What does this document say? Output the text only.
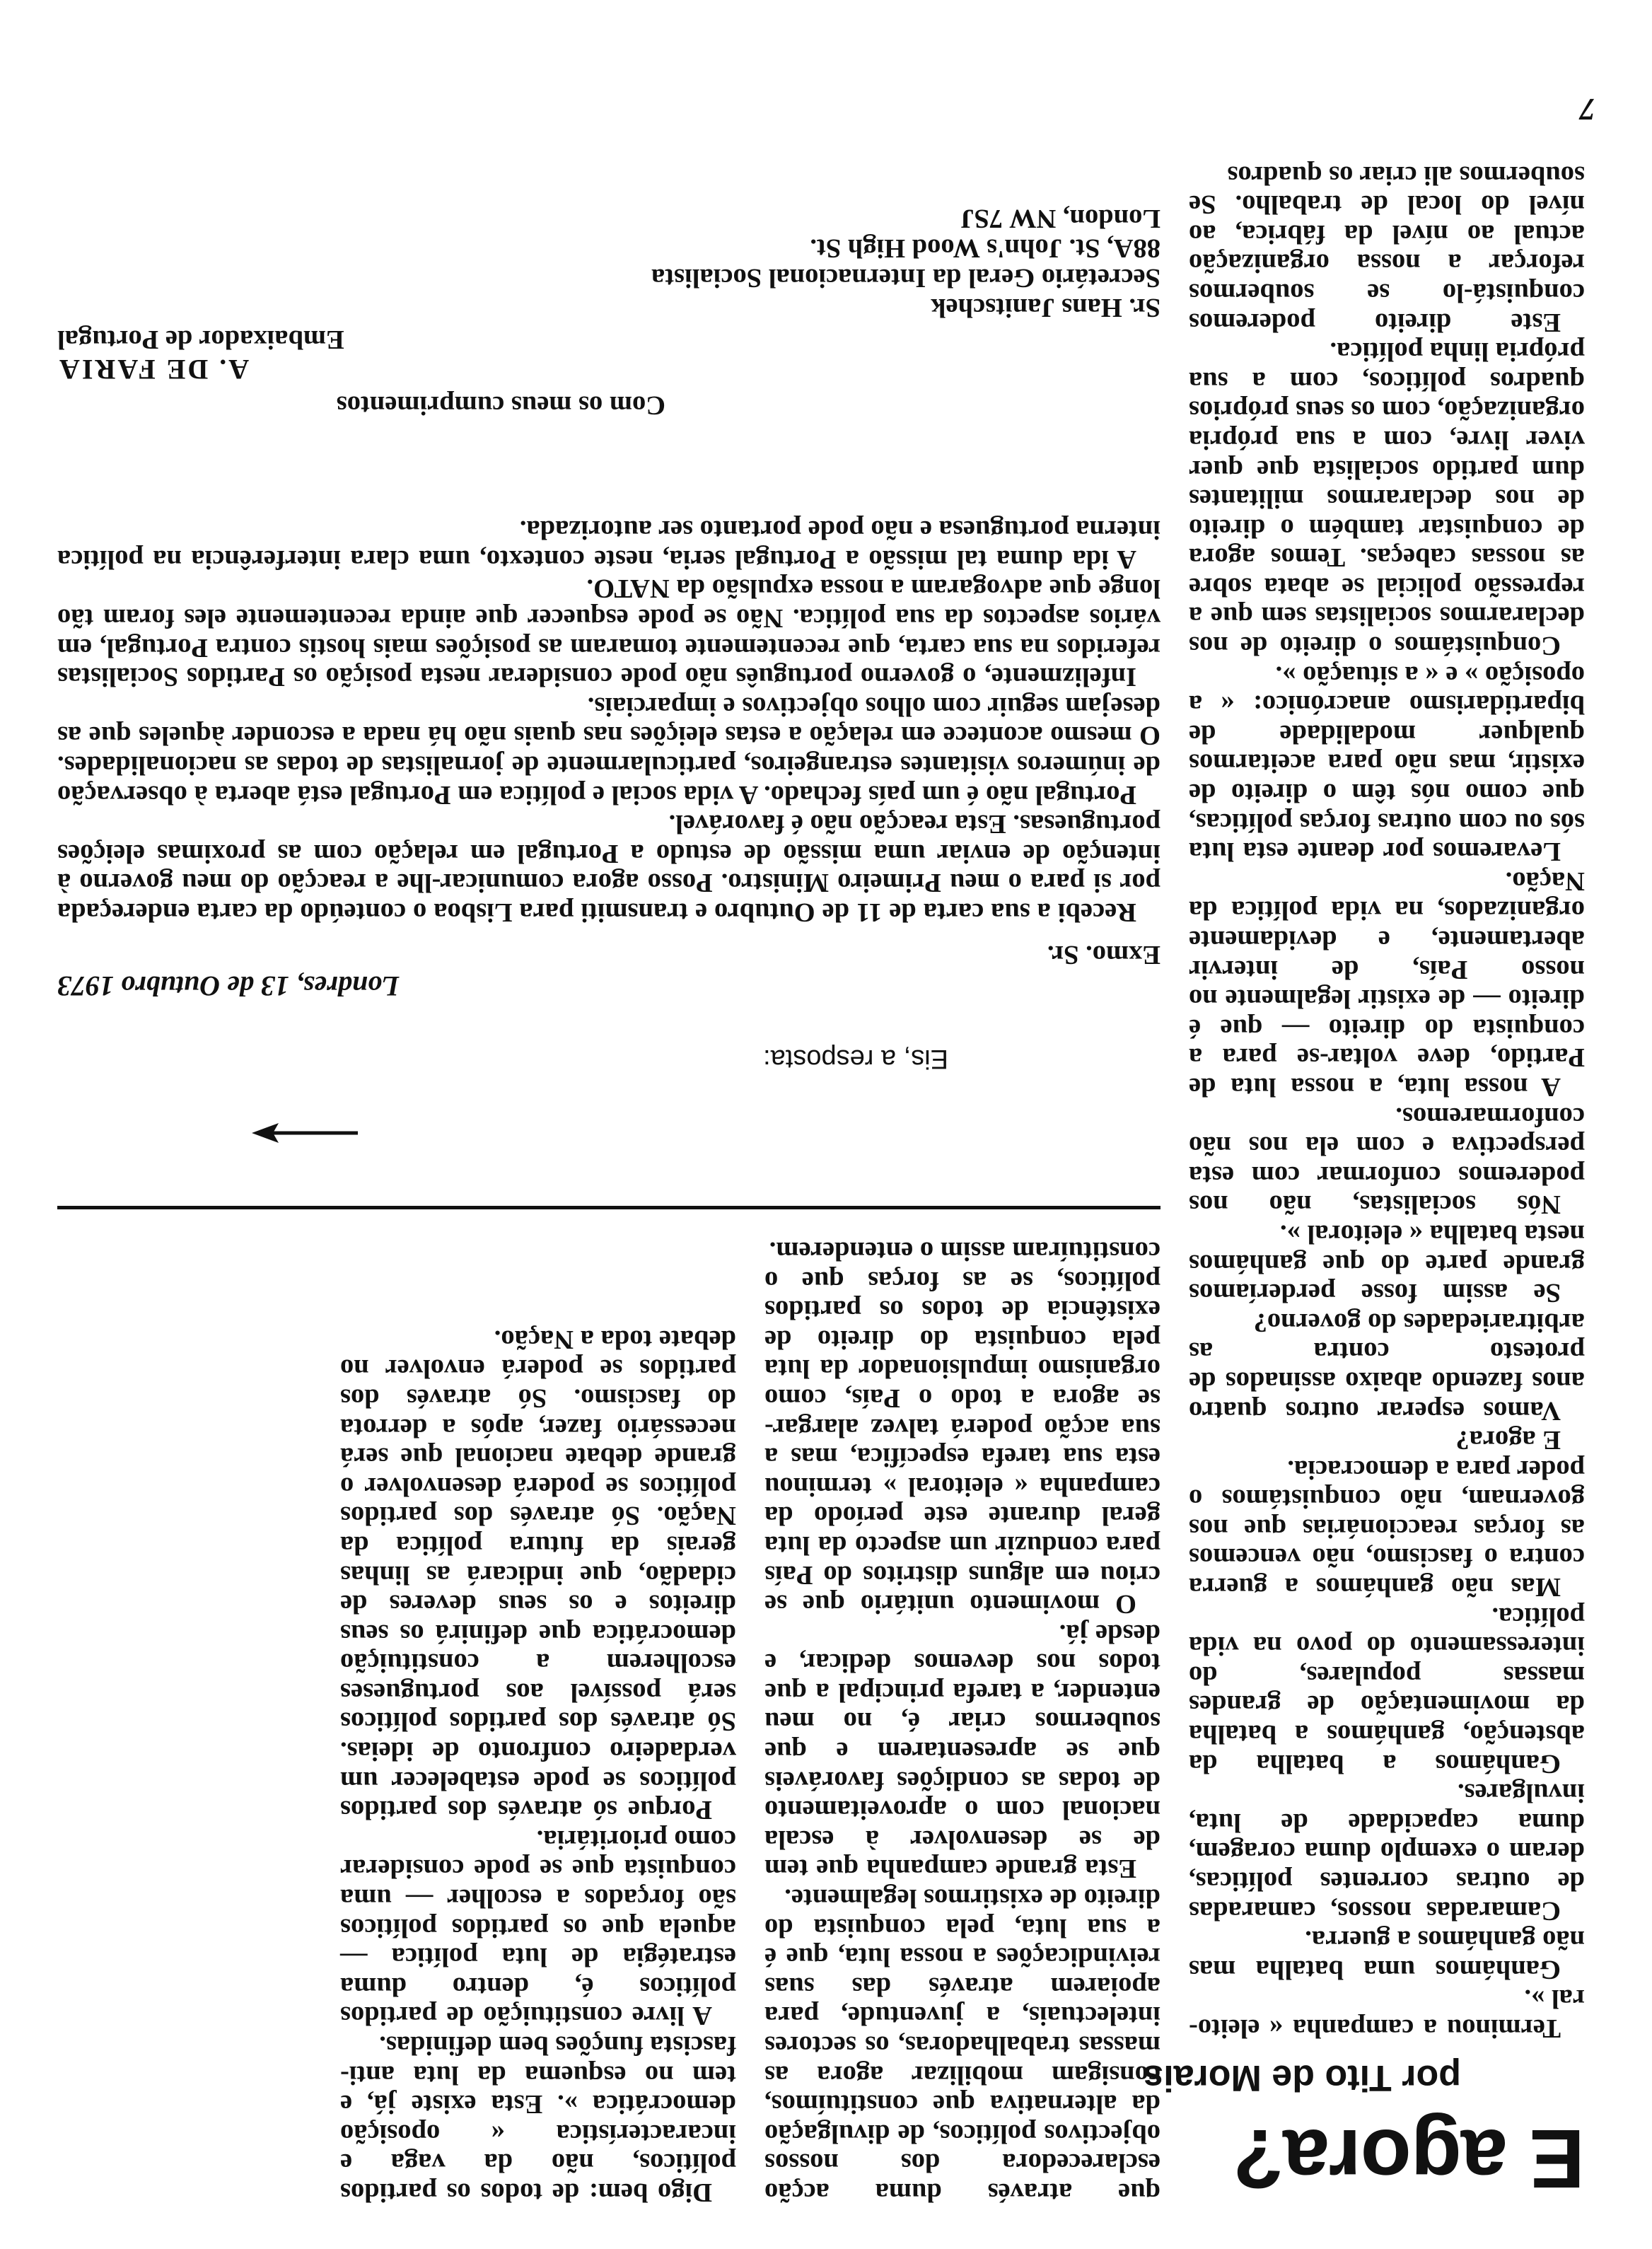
7
E agora?
por Tito de Morais

Terminou a campanha « eleito-ral ».

Ganhámos uma batalha mas não ganhámos a guerra.

Camaradas nossos, camaradas de outras correntes políticas, deram o exemplo duma coragem, duma capacidade de luta, invulgares.

Ganhámos a batalha da abstenção, ganhámos a batalha da movimentação de grandes massas populares, do interessamento do povo na vida política.

Mas não ganhámos a guerra contra o fascismo, não vencemos as forças reaccionárias que nos governam, não conquistámos o poder para a democracia.

E agora?

Vamos esperar outros quatro anos fazendo abaixo assinados de protesto contra as arbitrariedades do governo?

Se assim fosse perderíamos grande parte do que ganhámos nesta batalha « eleitoral ».

Nós socialistas, não nos poderemos conformar com esta perspectiva e com ela nos não conformaremos.

A nossa luta, a nossa luta de Partido, deve voltar-se para a conquista do direito — que é direito — de existir legalmente no nosso País, de intervir abertamente, e devidamente organizados, na vida política da Nação.

Levaremos por deante esta luta sós ou com outras forças políticas, que como nós têm o direito de existir, mas não para aceitarmos qualquer modalidade de bipartidarismo anacrónico: « a oposição » e « a situação ».

Conquistámos o direito de nos declararmos socialistas sem que a repressão policial se abata sobre as nossas cabeças. Temos agora de conquistar também o direito de nos declararmos militantes dum partido socialista que quer viver livre, com a sua própria organização, com os seus próprios quadros políticos, com a sua própria linha política.

Este direito poderemos conquistá-lo se soubermos reforçar a nossa organização actual ao nível da fábrica, ao nível do local de trabalho. Se soubermos ali criar os quadros

que através duma acção esclarecedora dos nossos objectivos políticos, de divulgação da alternativa que constituímos, consigam mobilizar agora as massas trabalhadoras, os sectores intelectuais, a juventude, para apoiarem através das suas reivindicações a nossa luta, que é a sua luta, pela conquista do direito de existirmos legalmente.

Esta grande campanha que tem de se desenvolver à escala nacional com o aproveitamento de todas as condições favoráveis que se apresentarem e que soubermos criar é, no meu entender, a tarefa principal a que todos nos devemos dedicar, e desde já.

O movimento unitário que se criou em alguns distritos do País para conduzir um aspecto da luta geral durante este período da campanha « eleitoral » terminou esta sua tarefa específica, mas a sua acção poderá talvez alargar-se agora a todo o País, como organismo impulsionador da luta pela conquista do direito de existência de todos os partidos políticos, se as forças que o constituíram assim o entenderem.

Digo bem: de todos os partidos políticos, não da vaga e incaracterística « oposição democrática ». Esta existe já, e tem no esquema da luta anti-fascista funções bem definidas.

A livre constituição de partidos políticos é, dentro duma estratégia de luta política — aquela que os partidos políticos são forçados a escolher — uma conquista que se pode considerar como prioritária.

Porque só através dos partidos políticos se pode estabelecer um verdadeiro confronto de ideias. Só através dos partidos políticos será possível aos portugueses escolherem a constituição democrática que definirá os seus direitos e os seus deveres de cidadão, que indicará as linhas gerais da futura política da Nação. Só através dos partidos políticos se poderá desenvolver o grande debate nacional que será necessário fazer, após a derrota do fascismo. Só através dos partidos se poderá envolver no debate toda a Nação.

Eis, a resposta:

Londres, 13 de Outubro 1973

Exmo. Sr.

Recebi a sua carta de 11 de Outubro e transmiti para Lisboa o conteúdo da carta endereçada por si para o meu Primeiro Ministro. Posso agora comunicar-lhe a reacção do meu governo à intenção de enviar uma missão de estudo a Portugal em relação com as proximas eleições portuguesas. Esta reacção não é favorável.

Portugal não é um país fechado. A vida social e política em Portugal está aberta à observação de inúmeros visitantes estrangeiros, particularmente de jornalistas de todas as nacionalidades. O mesmo acontece em relação a estas eleições nas quais não há nada a esconder àqueles que as desejam seguir com olhos objectivos e imparciais.

Infelizmente, o governo português não pode considerar nesta posição os Partidos Socialistas referidos na sua carta, que recentemente tomaram as posições mais hostis contra Portugal, em vários aspectos da sua política. Não se pode esquecer que ainda recentemente eles foram tão longe que advogaram a nossa expulsão da NATO.

A ida duma tal missão a Portugal seria, neste contexto, uma clara interferência na política interna portuguesa e não pode portanto ser autorizada.

Com os meus cumprimentos

A. DE FARIA

Embaixador de Portugal

Sr. Hans Janitschek
Secretário Geral da Internacional Socialista
88A, St. John's Wood High St.
London, NW 7SJ
